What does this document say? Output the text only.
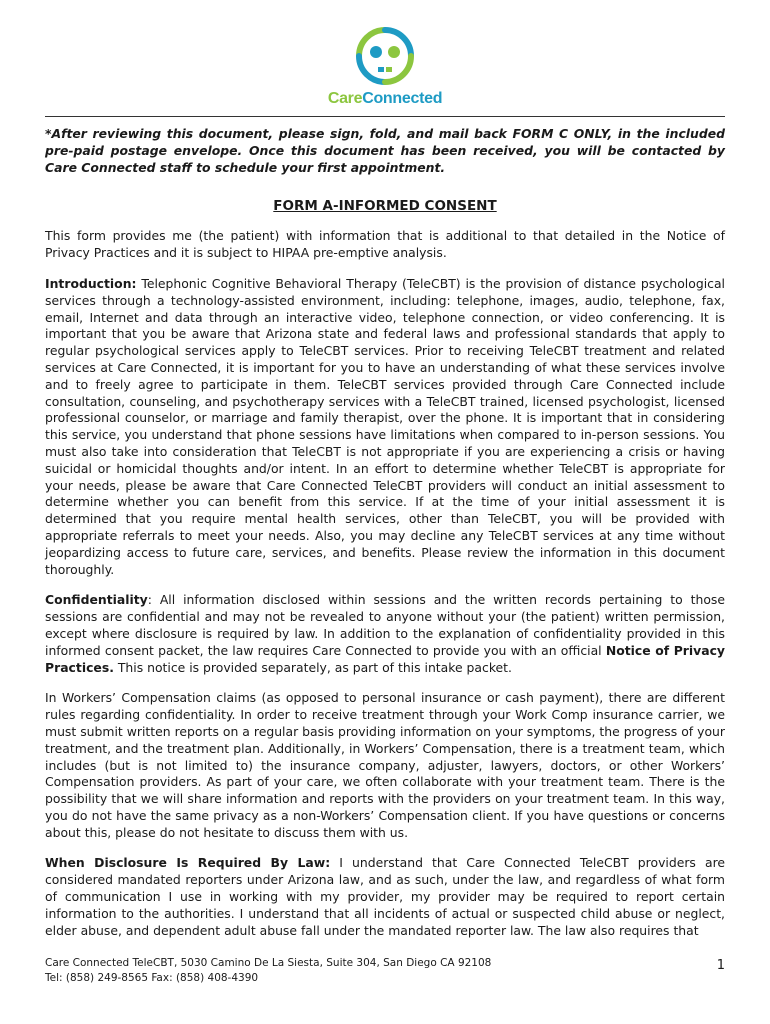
CareConnected

*After reviewing this document, please sign, fold, and mail back FORM C ONLY, in the included pre-paid postage envelope. Once this document has been received, you will be contacted by Care Connected staff to schedule your first appointment.

FORM A-INFORMED CONSENT

This form provides me (the patient) with information that is additional to that detailed in the Notice of Privacy Practices and it is subject to HIPAA pre-emptive analysis.

Introduction: Telephonic Cognitive Behavioral Therapy (TeleCBT) is the provision of distance psychological services through a technology-assisted environment, including: telephone, images, audio, telephone, fax, email, Internet and data through an interactive video, telephone connection, or video conferencing. It is important that you be aware that Arizona state and federal laws and professional standards that apply to regular psychological services apply to TeleCBT services. Prior to receiving TeleCBT treatment and related services at Care Connected, it is important for you to have an understanding of what these services involve and to freely agree to participate in them. TeleCBT services provided through Care Connected include consultation, counseling, and psychotherapy services with a TeleCBT trained, licensed psychologist, licensed professional counselor, or marriage and family therapist, over the phone. It is important that in considering this service, you understand that phone sessions have limitations when compared to in-person sessions. You must also take into consideration that TeleCBT is not appropriate if you are experiencing a crisis or having suicidal or homicidal thoughts and/or intent. In an effort to determine whether TeleCBT is appropriate for your needs, please be aware that Care Connected TeleCBT providers will conduct an initial assessment to determine whether you can benefit from this service. If at the time of your initial assessment it is determined that you require mental health services, other than TeleCBT, you will be provided with appropriate referrals to meet your needs. Also, you may decline any TeleCBT services at any time without jeopardizing access to future care, services, and benefits. Please review the information in this document thoroughly.

Confidentiality: All information disclosed within sessions and the written records pertaining to those sessions are confidential and may not be revealed to anyone without your (the patient) written permission, except where disclosure is required by law. In addition to the explanation of confidentiality provided in this informed consent packet, the law requires Care Connected to provide you with an official Notice of Privacy Practices. This notice is provided separately, as part of this intake packet.

In Workers’ Compensation claims (as opposed to personal insurance or cash payment), there are different rules regarding confidentiality. In order to receive treatment through your Work Comp insurance carrier, we must submit written reports on a regular basis providing information on your symptoms, the progress of your treatment, and the treatment plan. Additionally, in Workers’ Compensation, there is a treatment team, which includes (but is not limited to) the insurance company, adjuster, lawyers, doctors, or other Workers’ Compensation providers. As part of your care, we often collaborate with your treatment team. There is the possibility that we will share information and reports with the providers on your treatment team. In this way, you do not have the same privacy as a non-Workers’ Compensation client. If you have questions or concerns about this, please do not hesitate to discuss them with us.

When Disclosure Is Required By Law: I understand that Care Connected TeleCBT providers are considered mandated reporters under Arizona law, and as such, under the law, and regardless of what form of communication I use in working with my provider, my provider may be required to report certain information to the authorities. I understand that all incidents of actual or suspected child abuse or neglect, elder abuse, and dependent adult abuse fall under the mandated reporter law. The law also requires that

Care Connected TeleCBT, 5030 Camino De La Siesta, Suite 304, San Diego CA 92108
Tel: (858) 249-8565 Fax: (858) 408-4390
1
